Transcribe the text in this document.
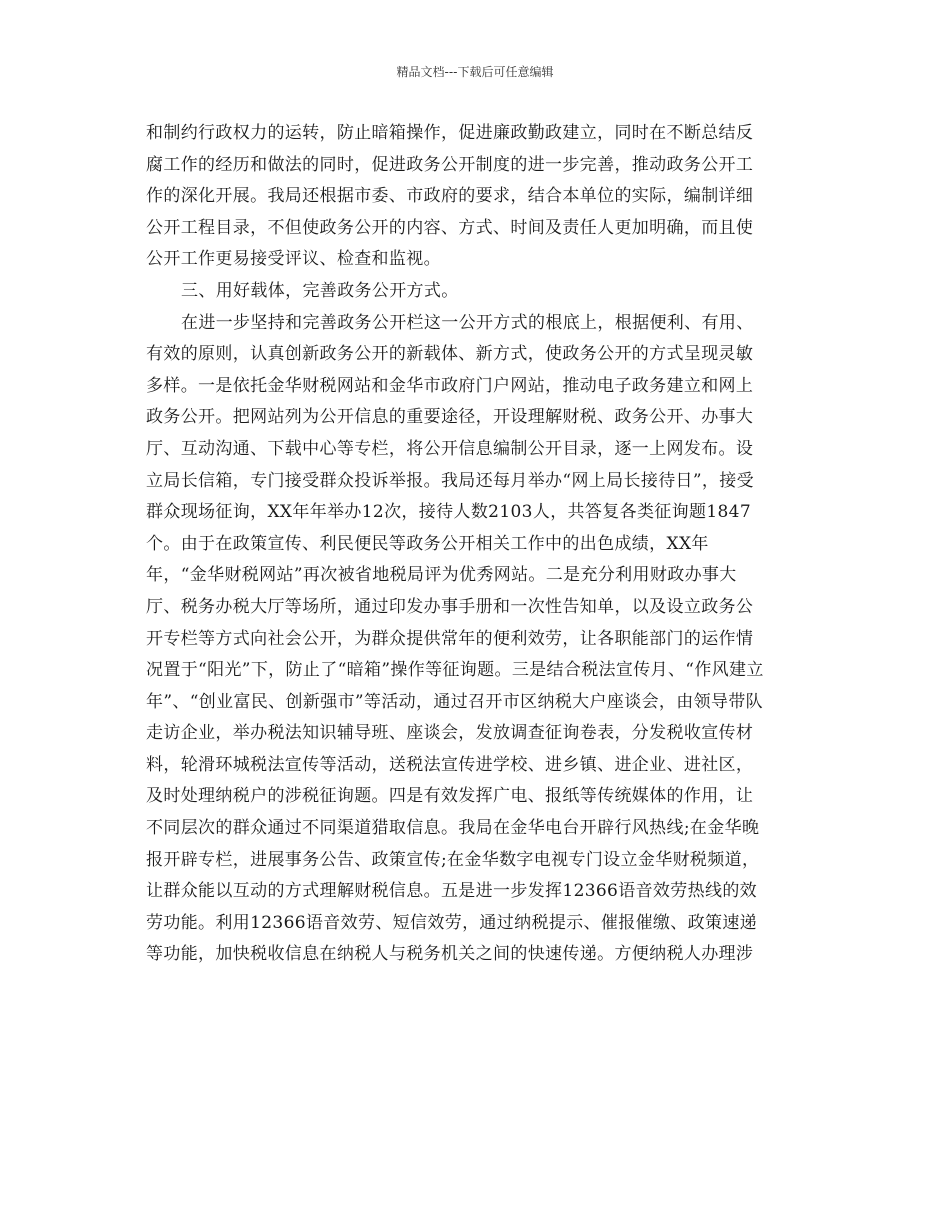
精品文档---下载后可任意编辑
和制约行政权力的运转，防止暗箱操作，促进廉政勤政建立，同时在不断总结反
腐工作的经历和做法的同时，促进政务公开制度的进一步完善，推动政务公开工
作的深化开展。我局还根据市委、市政府的要求，结合本单位的实际，编制详细
公开工程目录，不但使政务公开的内容、方式、时间及责任人更加明确，而且使
公开工作更易接受评议、检查和监视。
三、用好载体，完善政务公开方式。
在进一步坚持和完善政务公开栏这一公开方式的根底上，根据便利、有用、
有效的原则，认真创新政务公开的新载体、新方式，使政务公开的方式呈现灵敏
多样。一是依托金华财税网站和金华市政府门户网站，推动电子政务建立和网上
政务公开。把网站列为公开信息的重要途径，开设理解财税、政务公开、办事大
厅、互动沟通、下载中心等专栏，将公开信息编制公开目录，逐一上网发布。设
立局长信箱，专门接受群众投诉举报。我局还每月举办“网上局长接待日”，接受
群众现场征询，XX年年举办12次，接待人数2103人，共答复各类征询题1847
个。由于在政策宣传、利民便民等政务公开相关工作中的出色成绩，XX年
年，“金华财税网站”再次被省地税局评为优秀网站。二是充分利用财政办事大
厅、税务办税大厅等场所，通过印发办事手册和一次性告知单，以及设立政务公
开专栏等方式向社会公开，为群众提供常年的便利效劳，让各职能部门的运作情
况置于“阳光”下，防止了“暗箱”操作等征询题。三是结合税法宣传月、“作风建立
年”、“创业富民、创新强市”等活动，通过召开市区纳税大户座谈会，由领导带队
走访企业，举办税法知识辅导班、座谈会，发放调查征询卷表，分发税收宣传材
料，轮滑环城税法宣传等活动，送税法宣传进学校、进乡镇、进企业、进社区，
及时处理纳税户的涉税征询题。四是有效发挥广电、报纸等传统媒体的作用，让
不同层次的群众通过不同渠道猎取信息。我局在金华电台开辟行风热线;在金华晚
报开辟专栏，进展事务公告、政策宣传;在金华数字电视专门设立金华财税频道，
让群众能以互动的方式理解财税信息。五是进一步发挥12366语音效劳热线的效
劳功能。利用12366语音效劳、短信效劳，通过纳税提示、催报催缴、政策速递
等功能，加快税收信息在纳税人与税务机关之间的快速传递。方便纳税人办理涉
